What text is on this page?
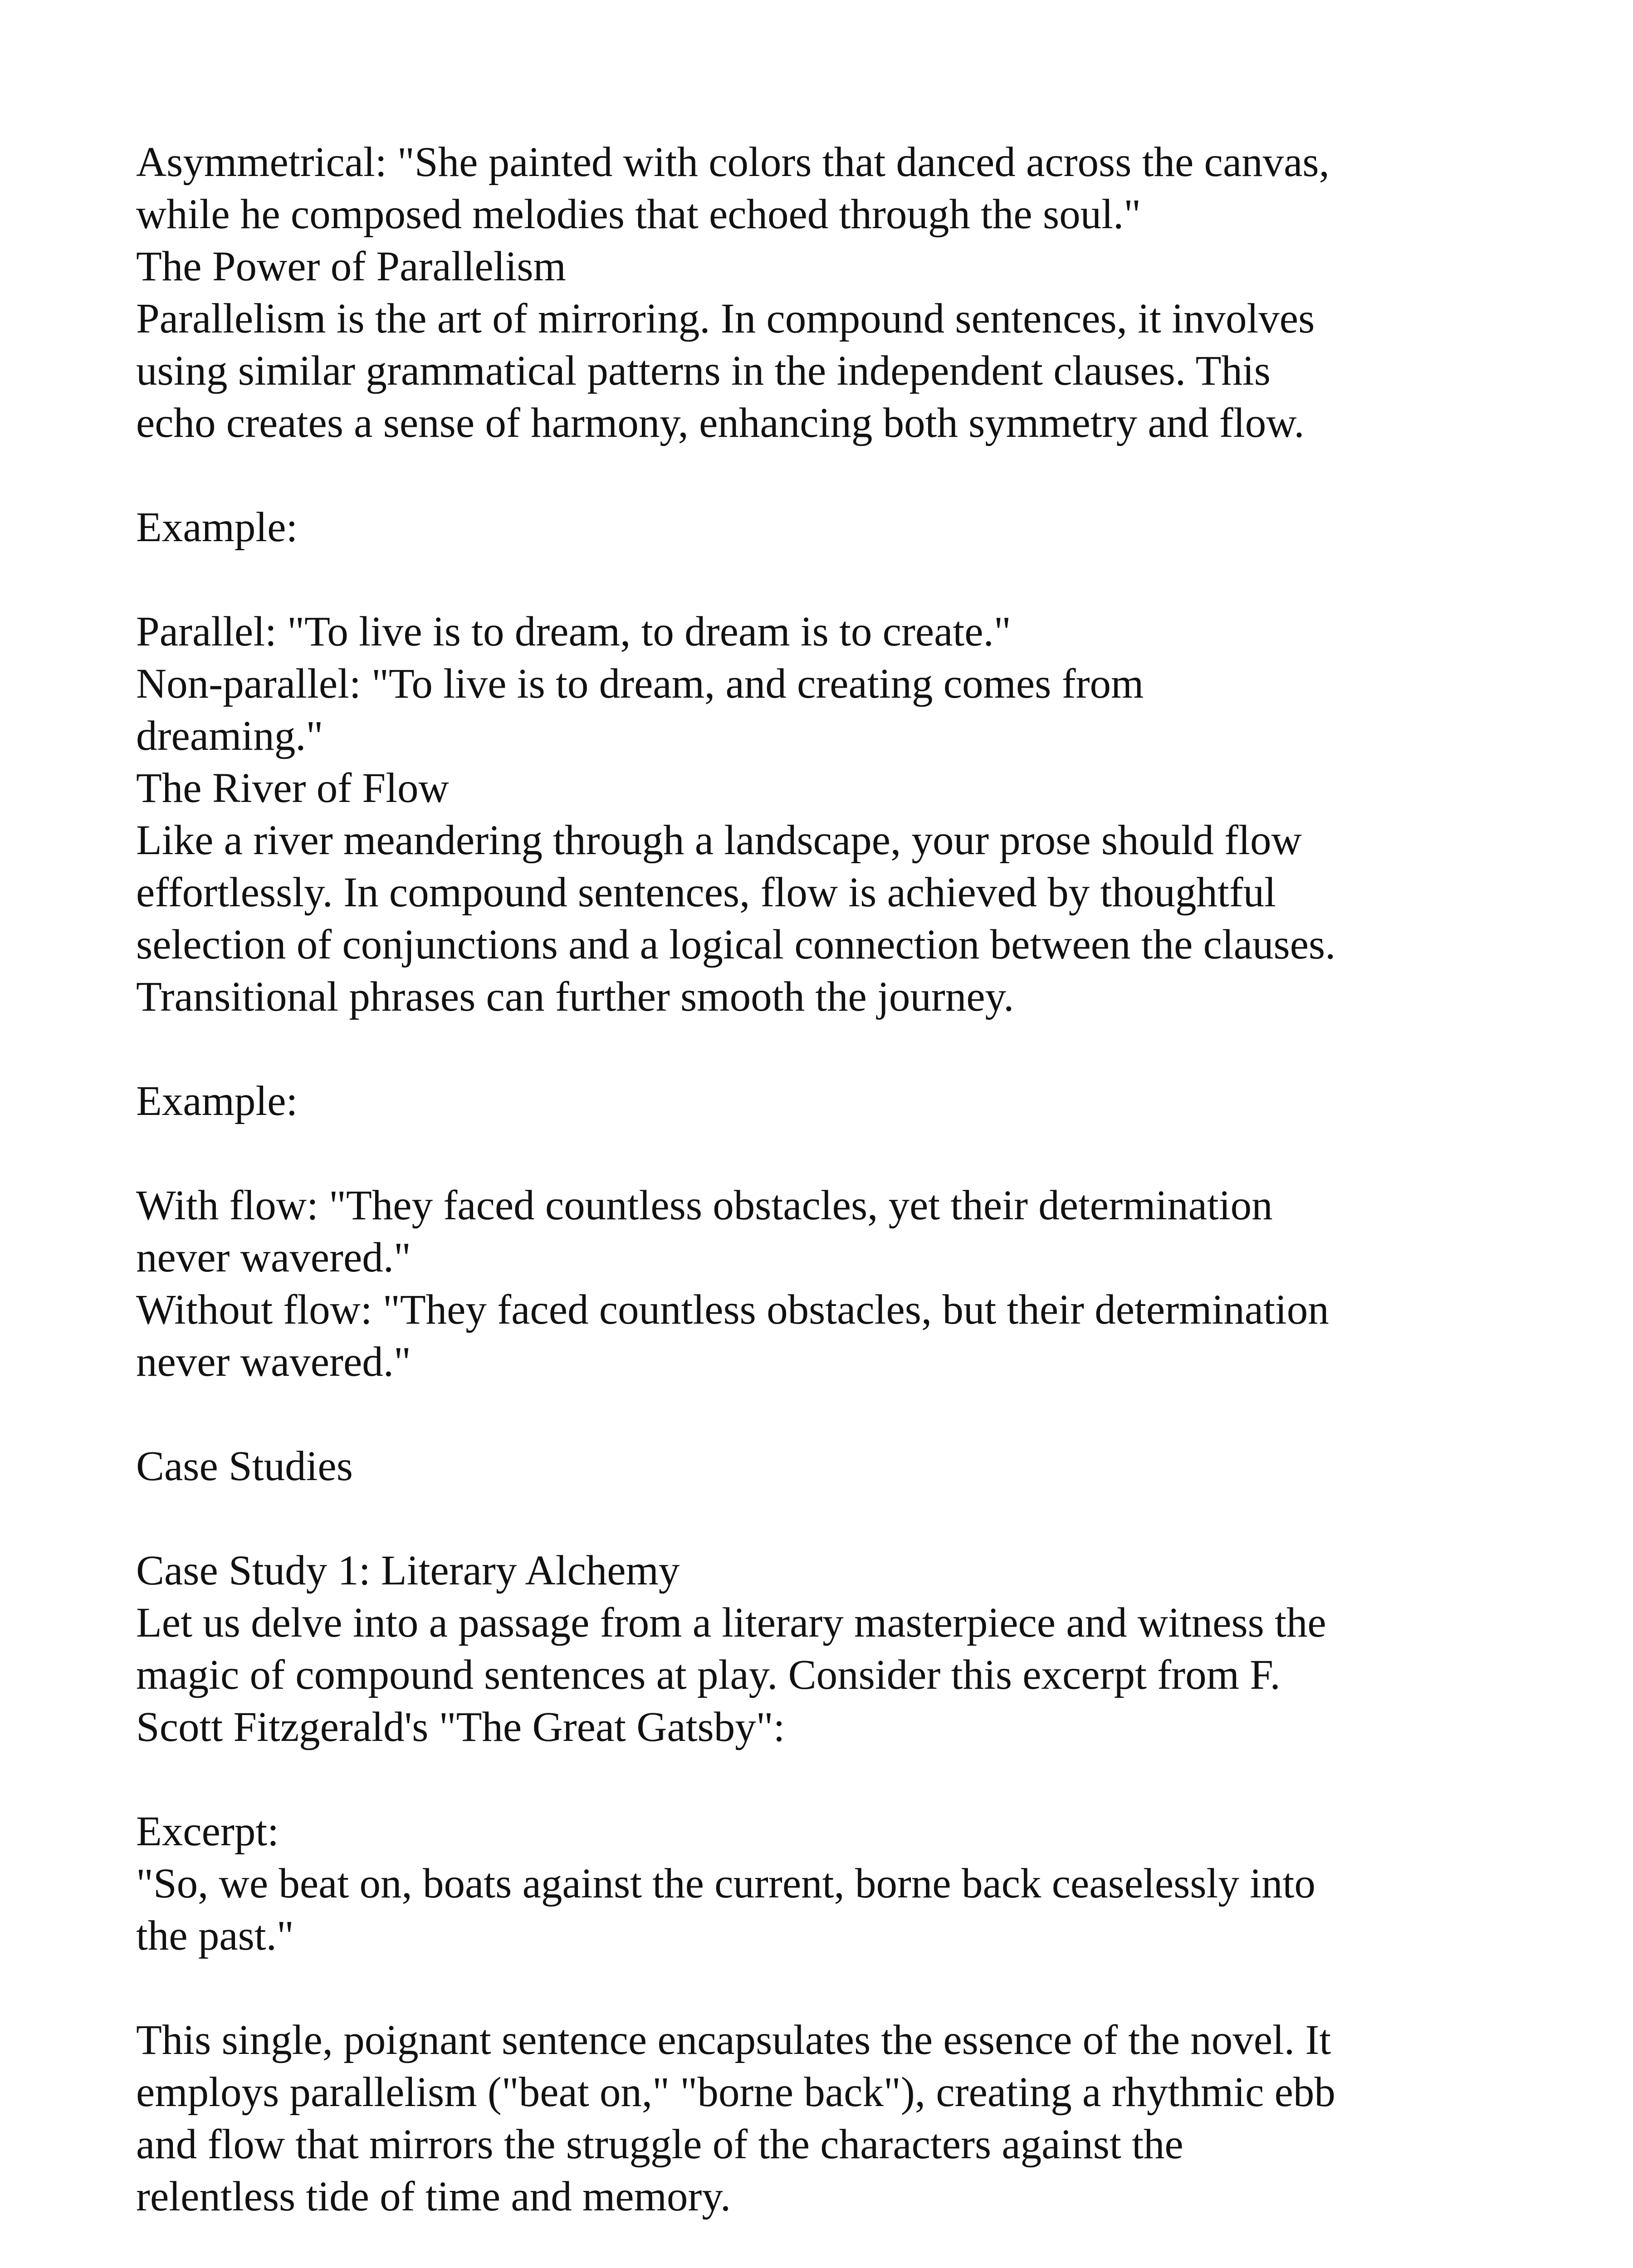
Asymmetrical: "She painted with colors that danced across the canvas,
while he composed melodies that echoed through the soul."
The Power of Parallelism
Parallelism is the art of mirroring. In compound sentences, it involves
using similar grammatical patterns in the independent clauses. This
echo creates a sense of harmony, enhancing both symmetry and flow.
Example:
Parallel: "To live is to dream, to dream is to create."
Non-parallel: "To live is to dream, and creating comes from
dreaming."
The River of Flow
Like a river meandering through a landscape, your prose should flow
effortlessly. In compound sentences, flow is achieved by thoughtful
selection of conjunctions and a logical connection between the clauses.
Transitional phrases can further smooth the journey.
Example:
With flow: "They faced countless obstacles, yet their determination
never wavered."
Without flow: "They faced countless obstacles, but their determination
never wavered."
Case Studies
Case Study 1: Literary Alchemy
Let us delve into a passage from a literary masterpiece and witness the
magic of compound sentences at play. Consider this excerpt from F.
Scott Fitzgerald's "The Great Gatsby":
Excerpt:
"So, we beat on, boats against the current, borne back ceaselessly into
the past."
This single, poignant sentence encapsulates the essence of the novel. It
employs parallelism ("beat on," "borne back"), creating a rhythmic ebb
and flow that mirrors the struggle of the characters against the
relentless tide of time and memory.
